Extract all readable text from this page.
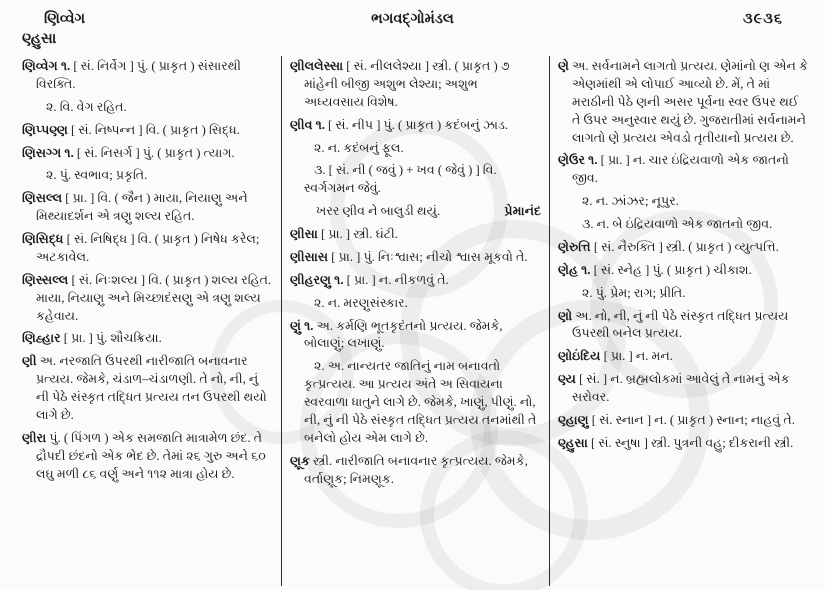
ણિવ્વેગ
ણ્હુસા
ભગવદ્ગોમંડલ	૩૯૩૬

ણિવ્વેગ ૧. [ સં. નિર્વેગ ] પું. ( પ્રાકૃત ) સંસારથી વિરક્તિ.

૨. વિ. વેગ રહિત.

ણિપ્પણ્ણ [ સં. નિષ્પન્ન ] વિ. ( પ્રાકૃત ) સિદ્ધ.

ણિસગ્ગ ૧. [ સં. નિસર્ગ ] પું. ( પ્રાકૃત ) ત્યાગ.

૨. પું. સ્વભાવ; પ્રકૃતિ.

ણિસલ્લ [ પ્રા. ] વિ. ( જૈન ) માયા, નિયાણુ અને મિથ્યાદર્શન એ ત્રણુ શલ્ય રહિત.

ણિસિદ્ધ [ સં. નિષિદ્ધ ] વિ. ( પ્રાકૃત ) નિષેધ કરેલ; અટકાવેલ.

ણિસ્સલ્લ [ સં. નિઃશલ્ય ] વિ. ( પ્રાકૃત ) શલ્ય રહિત. માયા, નિયાણુ અને મિચ્છાદંસણુ એ ત્રણુ શલ્ય કહેવાય.

ણિહ્હાર [ પ્રા. ] પું. શૌચક્રિયા.

ણી અ. નરજાતિ ઉપરથી નારીજાતિ બનાવનાર પ્રત્યય. જેમકે, ચંડાળ–ચંડાળણી. તે નો, ની, નું ની પેઠે સંસ્કૃત તદ્ધિત પ્રત્યય તન ઉપરથી થયો લાગે છે.

ણીરા પું. ( પિંગળ ) એક સમજાતિ માત્રામેળ છંદ. તે દ્રૌપદી છંદનો એક ભેદ છે. તેમાં ૨૬ ગુરુ અને ૬૦ લઘુ મળી ૮૬ વર્ણુ અને ૧૧૨ માત્રા હોય છે.

ણીલલેસ્સા [ સં. નીલલેશ્યા ] સ્ત્રી. ( પ્રાકૃત ) ૭ માંહેની બીજી અશુભ લેશ્યા; અશુભ અધ્યવસાય વિશેષ.

ણીવ ૧. [ સં. નીપ ] પું. ( પ્રાકૃત ) કદંબનું ઝાડ.

૨. ન. કદંબનું ફૂલ.

૩. [ સં. ની ( જવું ) + ખવ ( જેવું ) ] વિ. સ્વર્ગગમન જેવું.

પ્રેમાનંદ
ખરર ણીવ ને બાલુડી થયું.

ણીસા [ પ્રા. ] સ્ત્રી. ઘંટી.

ણીસાસ [ પ્રા. ] પું. નિઃશ્વાસ; નીચો શ્વાસ મૂકવો તે.

ણીહરણુ ૧. [ પ્રા. ] ન. નીકળવું તે.

૨. ન. મરણુસંસ્કાર.

ણું ૧. અ. કર્મણિ ભૂતકૃદંતનો પ્રત્યય. જેમકે, બોલાણું; લખાણું.

૨. અ. નાન્યતર જાતિનું નામ બનાવતો કૃત્પ્રત્યય. આ પ્રત્યય અંતે અ સિવાયના સ્વરવાળા ધાતુને લાગે છે. જેમકે, ખાણું, પીણું. નો, ની, નું ની પેઠે સંસ્કૃત તદ્ધિત પ્રત્યય તનમાંથી તે બનેલો હોય એમ લાગે છે.

ણૂક સ્ત્રી. નારીજાતિ બનાવનાર કૃત્પ્રત્યય. જેમકે, વર્તાણૂક; નિમણૂક.

ણે અ. સર્વનામને લાગતો પ્રત્યય. ણેમાંનો ણ એન કે એણમાંથી એ લોપાઈ આવ્યો છે. મેં, તે માં મરાઠીની પેઠે ણની અસર પૂર્વના સ્વર ઉપર થઈ તે ઉપર અનુસ્વાર થયું છે. ગુજરાતીમાં સર્વનામને લાગતો ણે પ્રત્યય એવડો તૃતીયાનો પ્રત્યય છે.

ણેઉર ૧. [ પ્રા. ] ન. ચાર ઇંદ્રિયવાળો એક જાતનો જીવ.

૨. ન. ઝાંઝર; નૂપુર.

૩. ન. બે ઇંદ્રિયવાળો એક જાતનો જીવ.

ણેરુત્તિ [ સં. નૈરુક્તિ ] સ્ત્રી. ( પ્રાકૃત ) વ્યુત્પત્તિ.

ણેહ ૧. [ સં. સ્નેહ ] પું. ( પ્રાકૃત ) ચીકાશ.

૨. પું. પ્રેમ; રાગ; પ્રીતિ.

ણો અ. નો, ની, નું ની પેઠે સંસ્કૃત તદ્ધિત પ્રત્યય ઉપરથી બનેલ પ્રત્યય.

ણોઇંદિય [ પ્રા. ] ન. મન.

ણ્ય [ સં. ] ન. બ્રહ્મલોકમાં આવેલું તે નામનું એક સરોવર.

ણ્હાણુ [ સં. સ્નાન ] ન. ( પ્રાકૃત ) સ્નાન; નાહવું તે.

ણ્હુસા [ સં. સ્નુષા ] સ્ત્રી. પુત્રની વહુ; દીકરાની સ્ત્રી.
